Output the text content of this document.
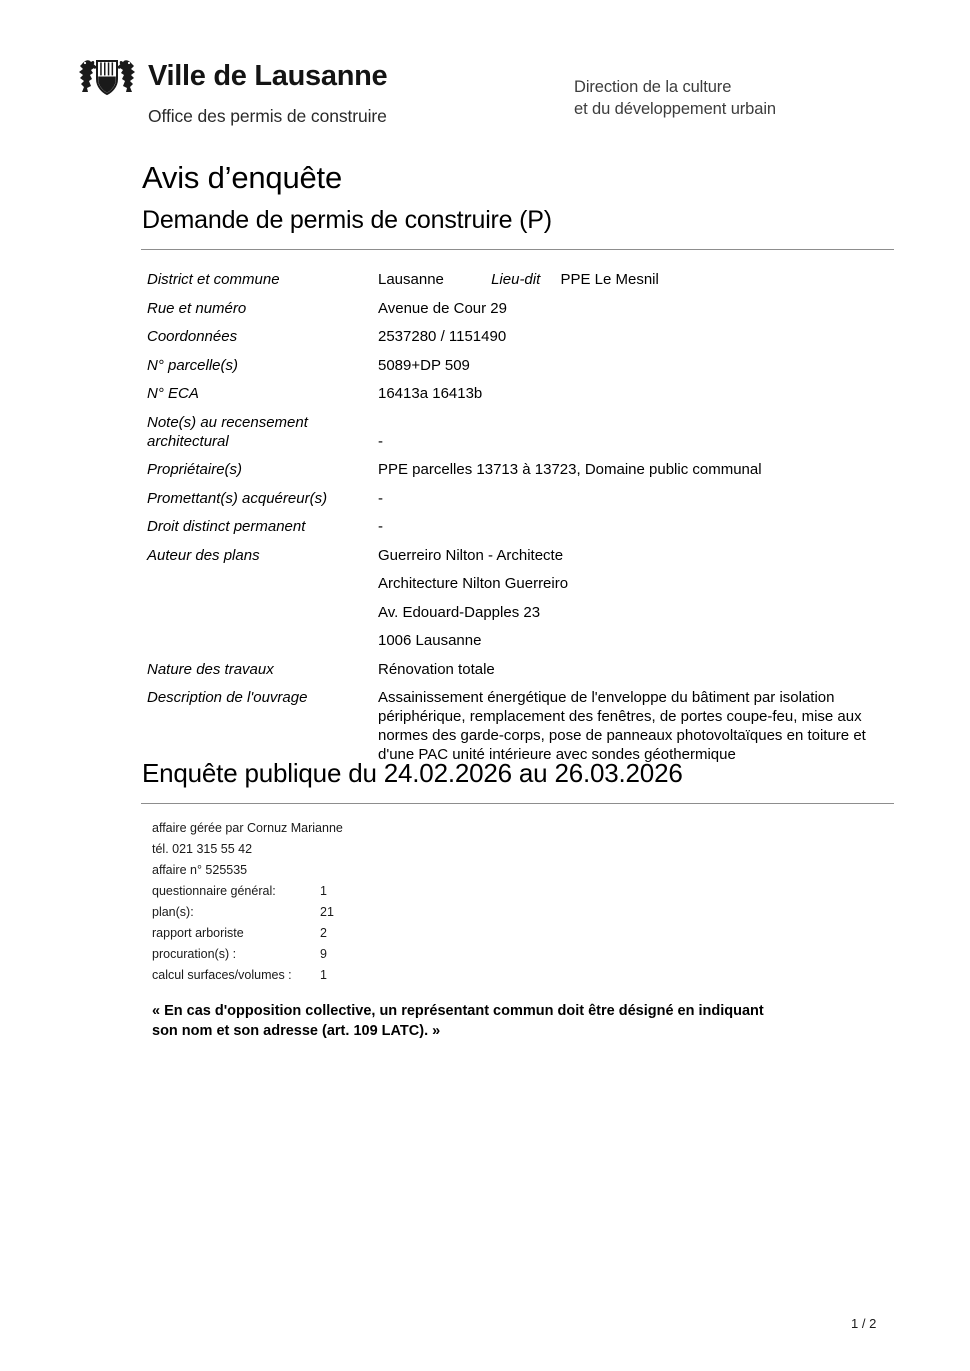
Ville de Lausanne
Office des permis de construire
Direction de la culture
et du développement urbain
Avis d’enquête
Demande de permis de construire (P)
District et commune	Lausanne	Lieu-dit PPE Le Mesnil
Rue et numéro	Avenue de Cour 29
Coordonnées	2537280 / 1151490
N° parcelle(s)	5089+DP 509
N° ECA	16413a 16413b
Note(s) au recensement
architectural	-
Propriétaire(s)	PPE parcelles 13713 à 13723, Domaine public communal
Promettant(s) acquéreur(s)	-
Droit distinct permanent	-
Auteur des plans	Guerreiro Nilton - Architecte
Architecture Nilton Guerreiro
Av. Edouard-Dapples 23
1006 Lausanne
Nature des travaux	Rénovation totale
Description de l'ouvrage	Assainissement énergétique de l'enveloppe du bâtiment par isolation périphérique, remplacement des fenêtres, de portes coupe-feu, mise aux normes des garde-corps, pose de panneaux photovoltaïques en toiture et d'une PAC unité intérieure avec sondes géothermique
Enquête publique du 24.02.2026 au 26.03.2026
affaire gérée par Cornuz Marianne
tél. 021 315 55 42
affaire n° 525535
questionnaire général:	1
plan(s):	21
rapport arboriste	2
procuration(s) :	9
calcul surfaces/volumes :	1
« En cas d'opposition collective, un représentant commun doit être désigné en indiquant
son nom et son adresse (art. 109 LATC). »
1 / 2
